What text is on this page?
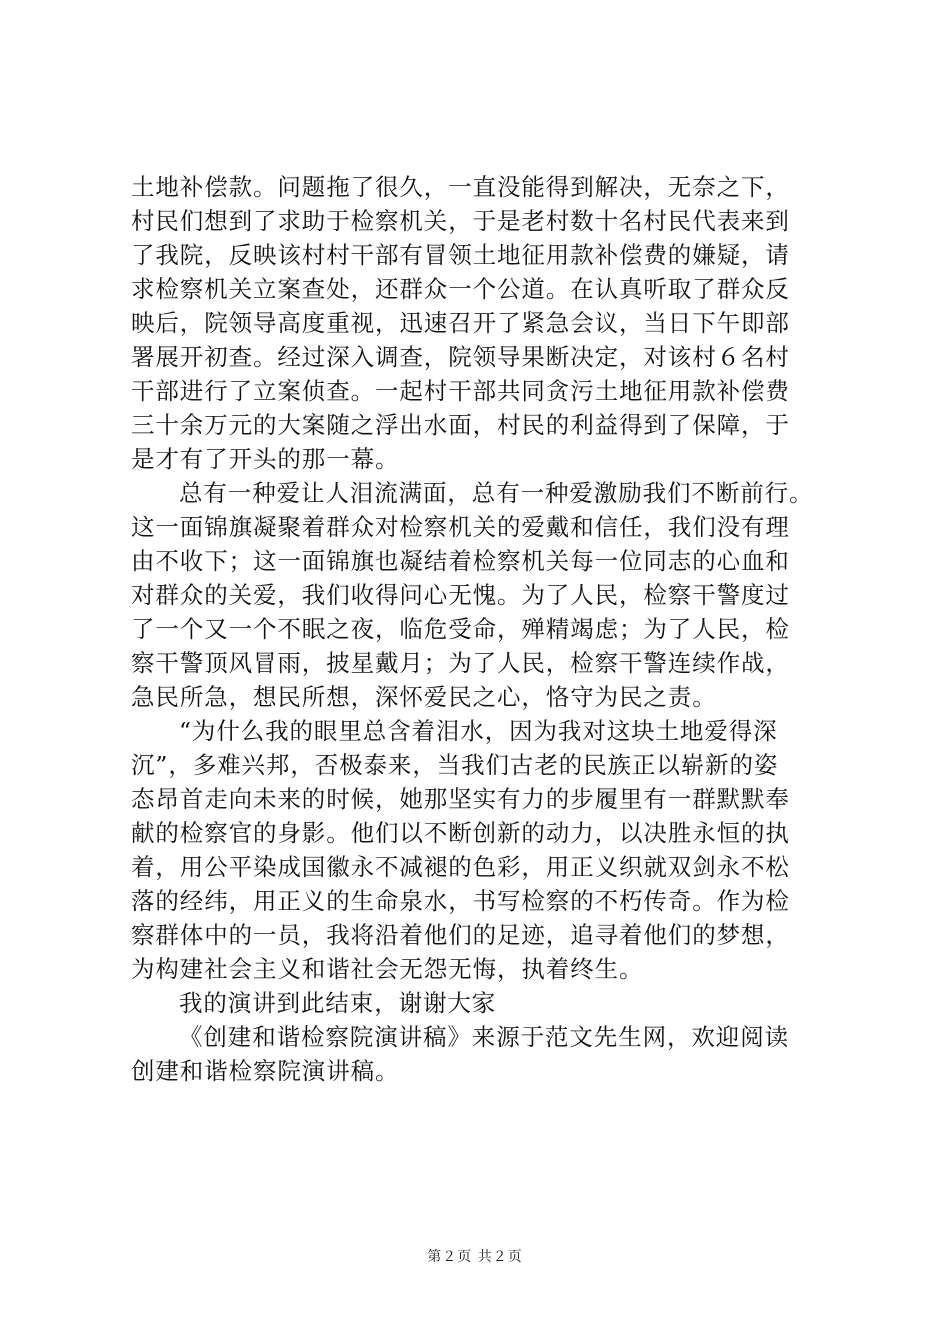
土地补偿款。问题拖了很久，一直没能得到解决，无奈之下，
村民们想到了求助于检察机关，于是老村数十名村民代表来到
了我院，反映该村村干部有冒领土地征用款补偿费的嫌疑，请
求检察机关立案查处，还群众一个公道。在认真听取了群众反
映后，院领导高度重视，迅速召开了紧急会议，当日下午即部
署展开初查。经过深入调查，院领导果断决定，对该村６名村
干部进行了立案侦查。一起村干部共同贪污土地征用款补偿费
三十余万元的大案随之浮出水面，村民的利益得到了保障，于
是才有了开头的那一幕。
总有一种爱让人泪流满面，总有一种爱激励我们不断前行。
这一面锦旗凝聚着群众对检察机关的爱戴和信任，我们没有理
由不收下；这一面锦旗也凝结着检察机关每一位同志的心血和
对群众的关爱，我们收得问心无愧。为了人民，检察干警度过
了一个又一个不眠之夜，临危受命，殚精竭虑；为了人民，检
察干警顶风冒雨，披星戴月；为了人民，检察干警连续作战，
急民所急，想民所想，深怀爱民之心，恪守为民之责。
“为什么我的眼里总含着泪水，因为我对这块土地爱得深
沉”，多难兴邦，否极泰来，当我们古老的民族正以崭新的姿
态昂首走向未来的时候，她那坚实有力的步履里有一群默默奉
献的检察官的身影。他们以不断创新的动力，以决胜永恒的执
着，用公平染成国徽永不减褪的色彩，用正义织就双剑永不松
落的经纬，用正义的生命泉水，书写检察的不朽传奇。作为检
察群体中的一员，我将沿着他们的足迹，追寻着他们的梦想，
为构建社会主义和谐社会无怨无悔，执着终生。
我的演讲到此结束，谢谢大家
《创建和谐检察院演讲稿》来源于范文先生网，欢迎阅读
创建和谐检察院演讲稿。
第２页 共２页
